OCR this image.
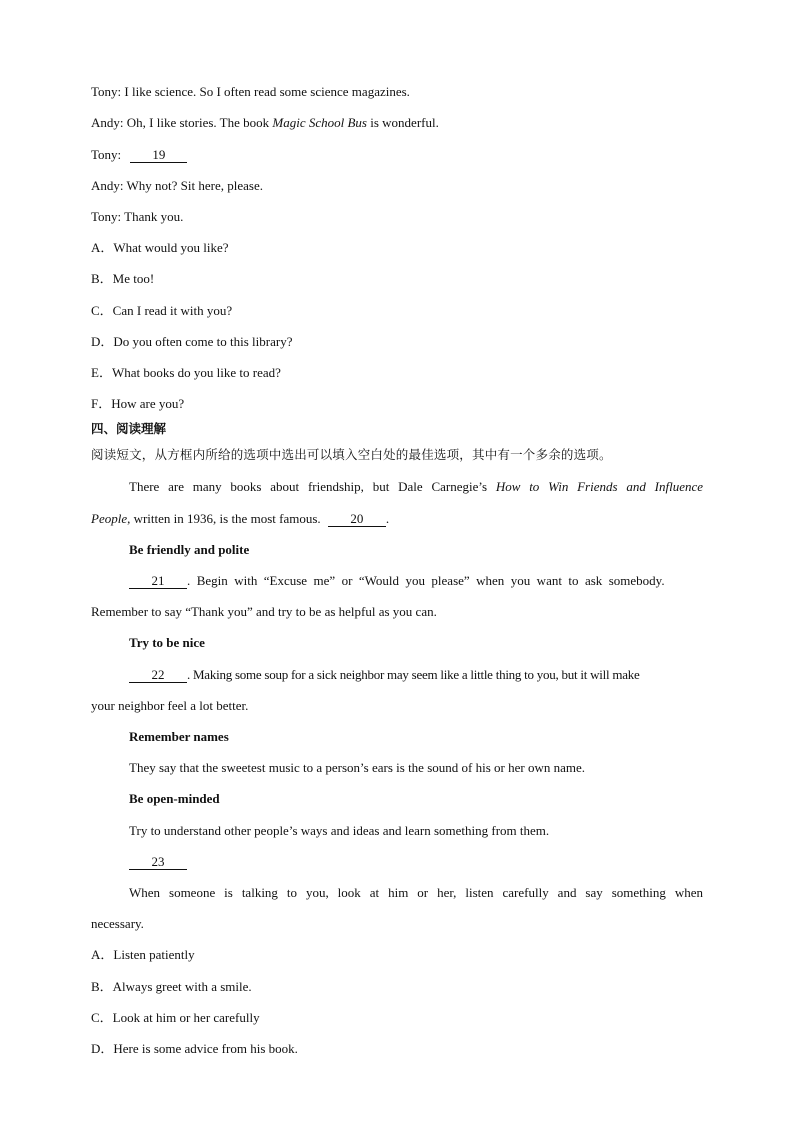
Tony: I like science. So I often read some science magazines.
Andy: Oh, I like stories. The book Magic School Bus is wonderful.
Tony: 19
Andy: Why not? Sit here, please.
Tony: Thank you.
A．What would you like?
B．Me too!
C．Can I read it with you?
D．Do you often come to this library?
E．What books do you like to read?
F．How are you?
四、阅读理解
阅读短文，从方框内所给的选项中选出可以填入空白处的最佳选项，其中有一个多余的选项。
There are many books about friendship, but Dale Carnegie’s How to Win Friends and Influence
People, written in 1936, is the most famous. 20 .
Be friendly and polite
21 . Begin with “Excuse me” or “Would you please” when you want to ask somebody.
Remember to say “Thank you” and try to be as helpful as you can.
Try to be nice
22 . Making some soup for a sick neighbor may seem like a little thing to you, but it will make
your neighbor feel a lot better.
Remember names
They say that the sweetest music to a person’s ears is the sound of his or her own name.
Be open-minded
Try to understand other people’s ways and ideas and learn something from them.
23
When someone is talking to you, look at him or her, listen carefully and say something when
necessary.
A．Listen patiently
B．Always greet with a smile.
C．Look at him or her carefully
D．Here is some advice from his book.
